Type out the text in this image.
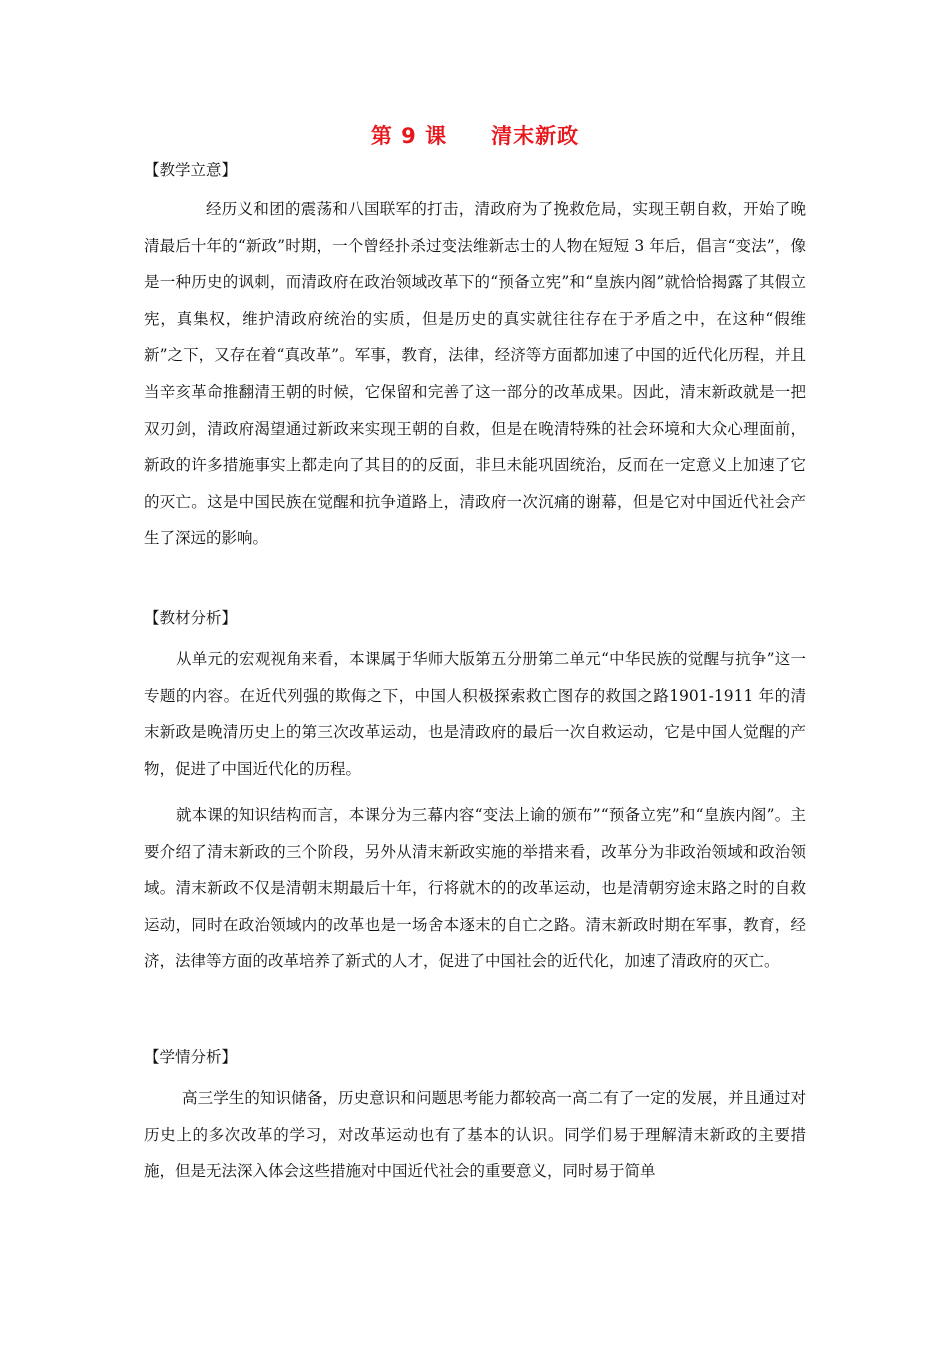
第 9 课　　清末新政
【教学立意】
经历义和团的震荡和八国联军的打击，清政府为了挽救危局，实现王朝自救，开始了晚清最后十年的“新政”时期，一个曾经扑杀过变法维新志士的人物在短短 3 年后，倡言“变法”，像是一种历史的讽刺，而清政府在政治领域改革下的“预备立宪”和“皇族内阁”就恰恰揭露了其假立宪，真集权，维护清政府统治的实质，但是历史的真实就往往存在于矛盾之中，在这种“假维新”之下，又存在着“真改革”。军事，教育，法律，经济等方面都加速了中国的近代化历程，并且当辛亥革命推翻清王朝的时候，它保留和完善了这一部分的改革成果。因此，清末新政就是一把双刃剑，清政府渴望通过新政来实现王朝的自救，但是在晚清特殊的社会环境和大众心理面前，新政的许多措施事实上都走向了其目的的反面，非旦未能巩固统治，反而在一定意义上加速了它的灭亡。这是中国民族在觉醒和抗争道路上，清政府一次沉痛的谢幕，但是它对中国近代社会产生了深远的影响。
【教材分析】
从单元的宏观视角来看，本课属于华师大版第五分册第二单元“中华民族的觉醒与抗争”这一专题的内容。在近代列强的欺侮之下，中国人积极探索救亡图存的救国之路1901-1911 年的清末新政是晚清历史上的第三次改革运动，也是清政府的最后一次自救运动，它是中国人觉醒的产物，促进了中国近代化的历程。
就本课的知识结构而言，本课分为三幕内容“变法上谕的颁布”“预备立宪”和“皇族内阁”。主要介绍了清末新政的三个阶段，另外从清末新政实施的举措来看，改革分为非政治领域和政治领域。清末新政不仅是清朝末期最后十年，行将就木的的改革运动，也是清朝穷途末路之时的自救运动，同时在政治领域内的改革也是一场舍本逐末的自亡之路。清末新政时期在军事，教育，经济，法律等方面的改革培养了新式的人才，促进了中国社会的近代化，加速了清政府的灭亡。
【学情分析】
高三学生的知识储备，历史意识和问题思考能力都较高一高二有了一定的发展，并且通过对历史上的多次改革的学习，对改革运动也有了基本的认识。同学们易于理解清末新政的主要措施，但是无法深入体会这些措施对中国近代社会的重要意义，同时易于简单
